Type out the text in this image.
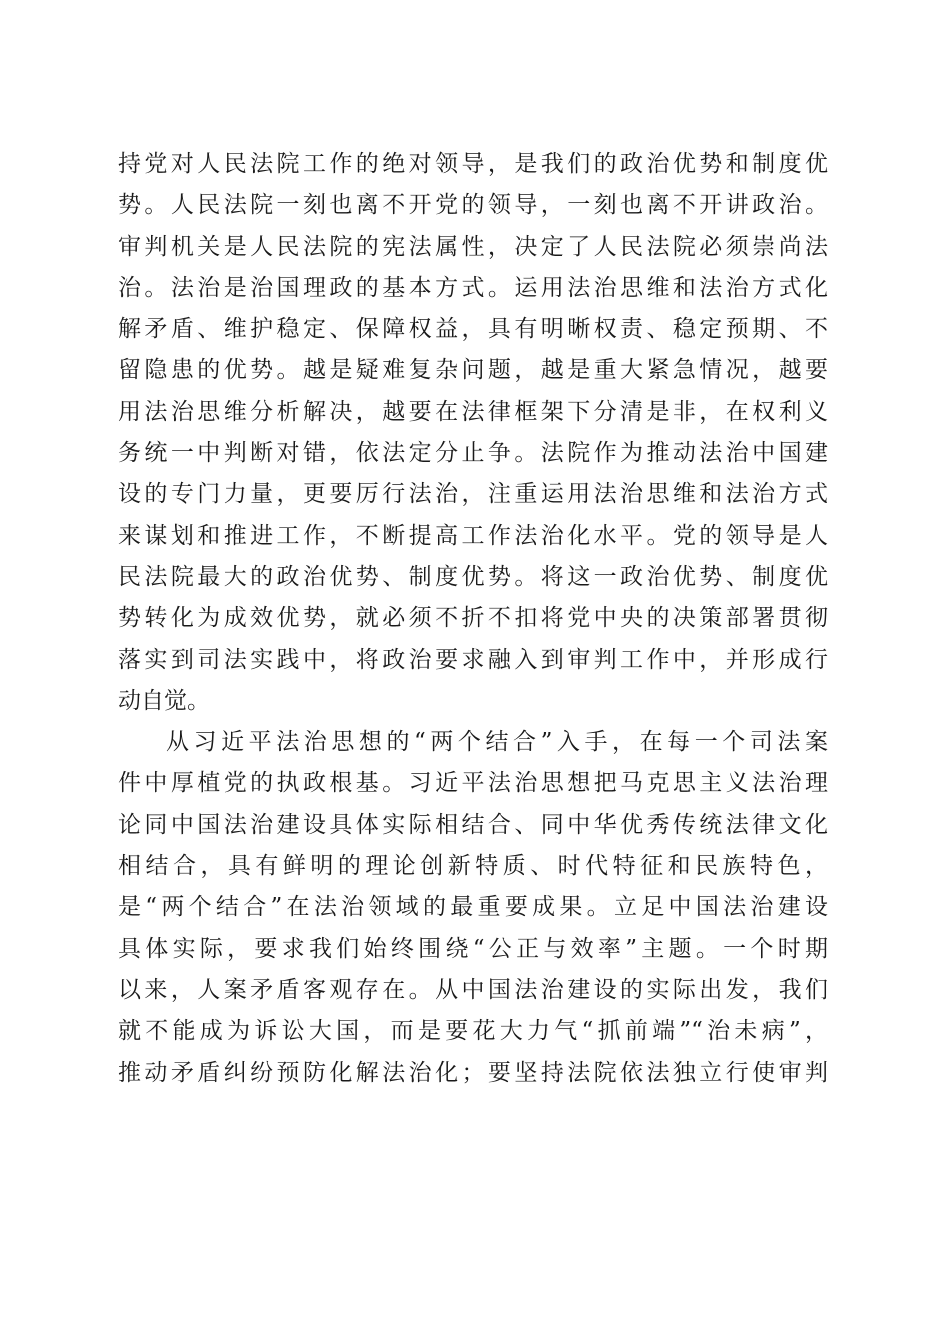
持党对人民法院工作的绝对领导，是我们的政治优势和制度优
势。人民法院一刻也离不开党的领导，一刻也离不开讲政治。
审判机关是人民法院的宪法属性，决定了人民法院必须崇尚法
治。法治是治国理政的基本方式。运用法治思维和法治方式化
解矛盾、维护稳定、保障权益，具有明晰权责、稳定预期、不
留隐患的优势。越是疑难复杂问题，越是重大紧急情况，越要
用法治思维分析解决，越要在法律框架下分清是非，在权利义
务统一中判断对错，依法定分止争。法院作为推动法治中国建
设的专门力量，更要厉行法治，注重运用法治思维和法治方式
来谋划和推进工作，不断提高工作法治化水平。党的领导是人
民法院最大的政治优势、制度优势。将这一政治优势、制度优
势转化为成效优势，就必须不折不扣将党中央的决策部署贯彻
落实到司法实践中，将政治要求融入到审判工作中，并形成行
动自觉。
从习近平法治思想的“两个结合”入手，在每一个司法案
件中厚植党的执政根基。习近平法治思想把马克思主义法治理
论同中国法治建设具体实际相结合、同中华优秀传统法律文化
相结合，具有鲜明的理论创新特质、时代特征和民族特色，
是“两个结合”在法治领域的最重要成果。立足中国法治建设
具体实际，要求我们始终围绕“公正与效率”主题。一个时期
以来，人案矛盾客观存在。从中国法治建设的实际出发，我们
就不能成为诉讼大国，而是要花大力气“抓前端”“治未病”，
推动矛盾纠纷预防化解法治化；要坚持法院依法独立行使审判
